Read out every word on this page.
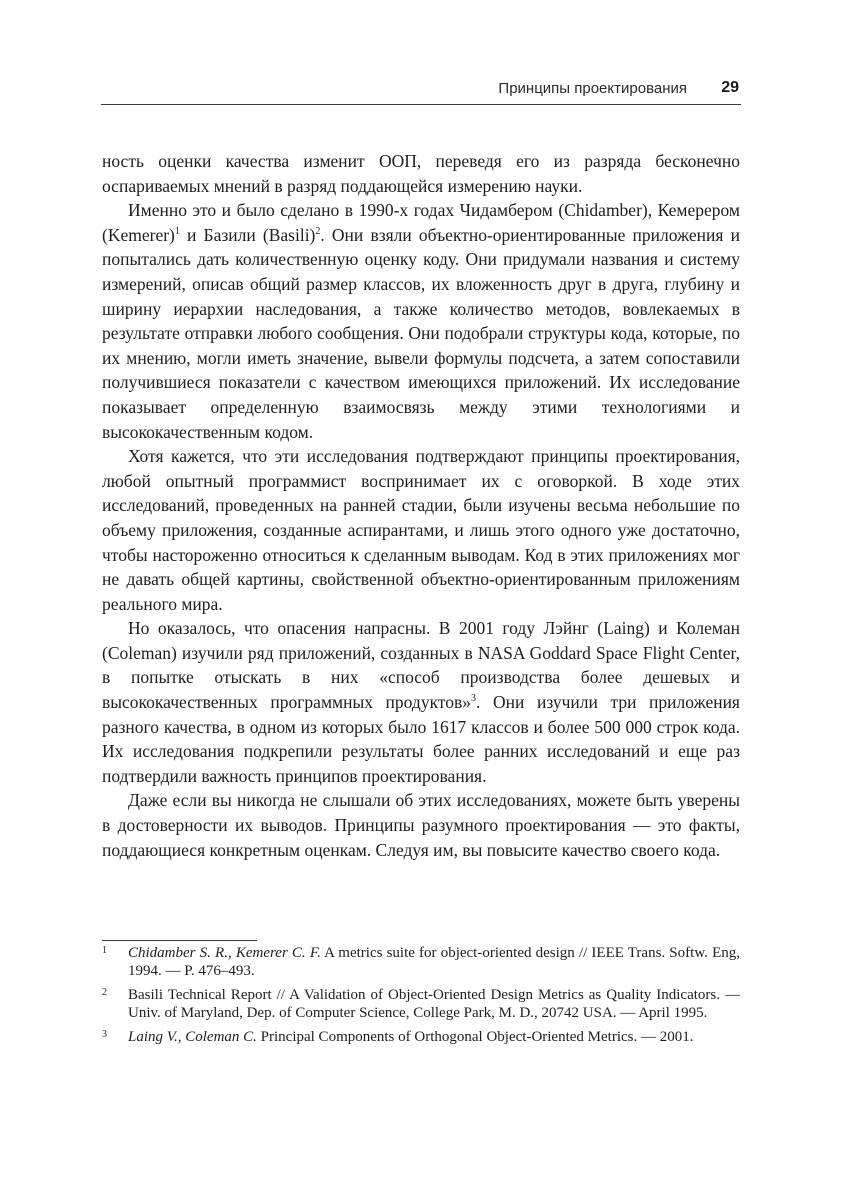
Принципы проектирования 29

ность оценки качества изменит ООП, переведя его из разряда бесконечно оспариваемых мнений в разряд поддающейся измерению науки.

Именно это и было сделано в 1990-х годах Чидамбером (Chidamber), Кемерером (Kemerer)$^1$ и Базили (Basili)$^2$. Они взяли объектно-ориентированные приложения и попытались дать количественную оценку коду. Они придумали названия и систему измерений, описав общий размер классов, их вложенность друг в друга, глубину и ширину иерархии наследования, а также количество методов, вовлекаемых в результате отправки любого сообщения. Они подобрали структуры кода, которые, по их мнению, могли иметь значение, вывели формулы подсчета, а затем сопоставили получившиеся показатели с качеством имеющихся приложений. Их исследование показывает определенную взаимосвязь между этими технологиями и высококачественным кодом.

Хотя кажется, что эти исследования подтверждают принципы проектирования, любой опытный программист воспринимает их с оговоркой. В ходе этих исследований, проведенных на ранней стадии, были изучены весьма небольшие по объему приложения, созданные аспирантами, и лишь этого одного уже достаточно, чтобы настороженно относиться к сделанным выводам. Код в этих приложениях мог не давать общей картины, свойственной объектно-ориентированным приложениям реального мира.

Но оказалось, что опасения напрасны. В 2001 году Лэйнг (Laing) и Колеман (Coleman) изучили ряд приложений, созданных в NASA Goddard Space Flight Center, в попытке отыскать в них «способ производства более дешевых и высококачественных программных продуктов»$^3$. Они изучили три приложения разного качества, в одном из которых было 1617 классов и более 500 000 строк кода. Их исследования подкрепили результаты более ранних исследований и еще раз подтвердили важность принципов проектирования.

Даже если вы никогда не слышали об этих исследованиях, можете быть уверены в достоверности их выводов. Принципы разумного проектирования — это факты, поддающиеся конкретным оценкам. Следуя им, вы повысите качество своего кода.

1 Chidamber S. R., Kemerer C. F. A metrics suite for object-oriented design // IEEE Trans. Softw. Eng, 1994. — P. 476–493.
2 Basili Technical Report // A Validation of Object-Oriented Design Metrics as Quality Indicators. — Univ. of Maryland, Dep. of Computer Science, College Park, M. D., 20742 USA. — April 1995.
3 Laing V., Coleman C. Principal Components of Orthogonal Object-Oriented Metrics. — 2001.
